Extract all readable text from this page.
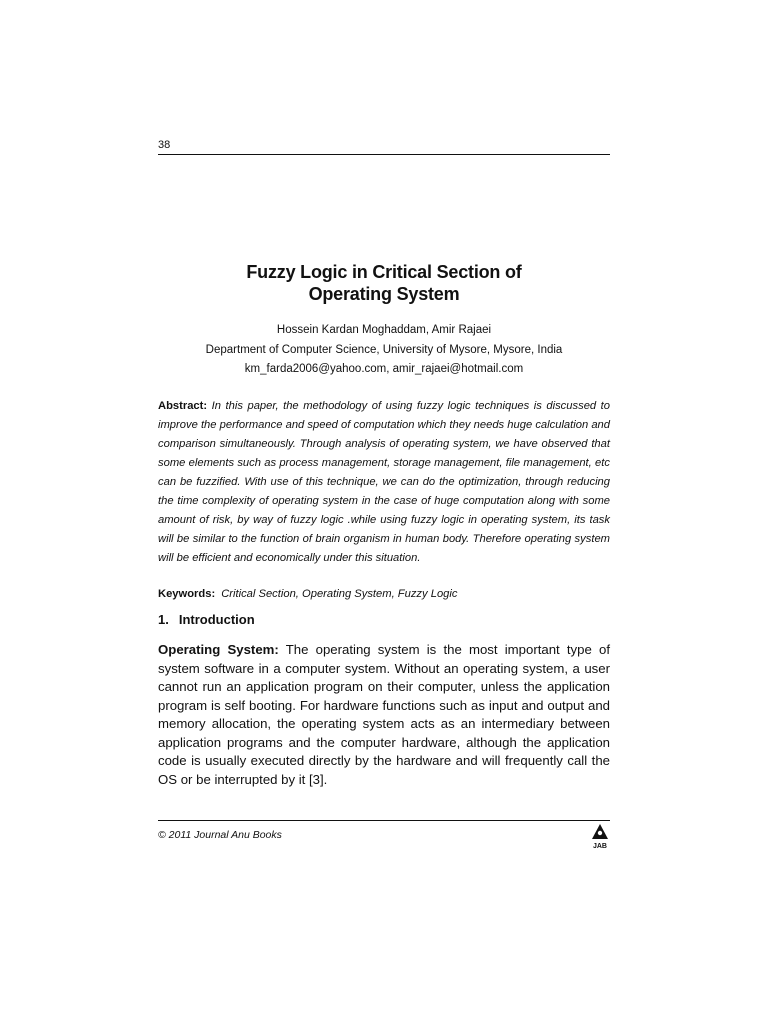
38
Fuzzy Logic in Critical Section of
Operating System
Hossein Kardan Moghaddam, Amir Rajaei
Department of Computer Science, University of Mysore, Mysore, India
km_farda2006@yahoo.com, amir_rajaei@hotmail.com
Abstract: In this paper, the methodology of using fuzzy logic techniques is discussed to improve the performance and speed of computation which they needs huge calculation and comparison simultaneously. Through analysis of operating system, we have observed that some elements such as process management, storage management, file management, etc can be fuzzified. With use of this technique, we can do the optimization, through reducing the time complexity of operating system in the case of huge computation along with some amount of risk, by way of fuzzy logic .while using fuzzy logic in operating system, its task will be similar to the function of brain organism in human body. Therefore operating system will be efficient and economically under this situation.
Keywords: Critical Section, Operating System, Fuzzy Logic
1. Introduction
Operating System: The operating system is the most important type of system software in a computer system. Without an operating system, a user cannot run an application program on their computer, unless the application program is self booting. For hardware functions such as input and output and memory allocation, the operating system acts as an intermediary between application programs and the computer hardware, although the application code is usually executed directly by the hardware and will frequently call the OS or be interrupted by it [3].
© 2011 Journal Anu Books
JAB
